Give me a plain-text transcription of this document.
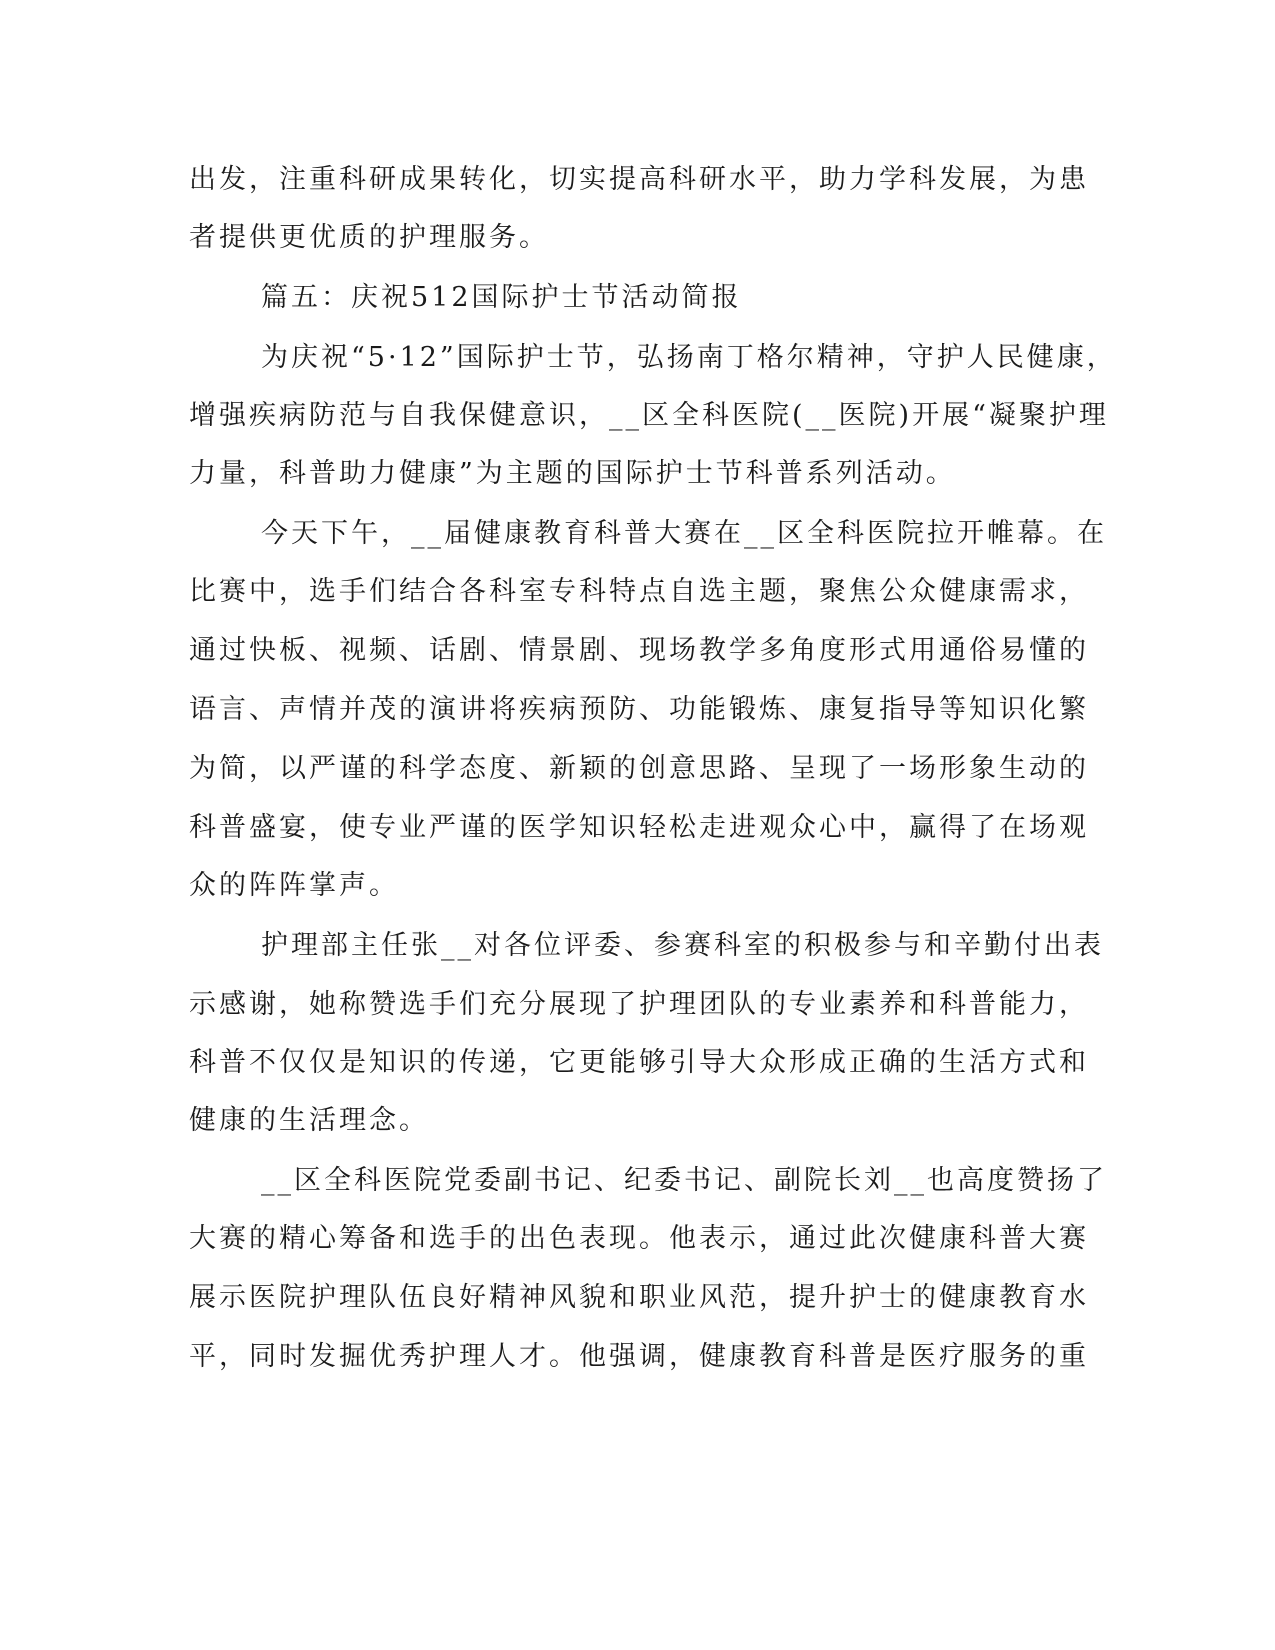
出发，注重科研成果转化，切实提高科研水平，助力学科发展，为患
者提供更优质的护理服务。
篇五：庆祝512国际护士节活动简报
为庆祝“5·12”国际护士节，弘扬南丁格尔精神，守护人民健康，
增强疾病防范与自我保健意识，__区全科医院(__医院)开展“凝聚护理
力量，科普助力健康”为主题的国际护士节科普系列活动。
今天下午，__届健康教育科普大赛在__区全科医院拉开帷幕。在
比赛中，选手们结合各科室专科特点自选主题，聚焦公众健康需求，
通过快板、视频、话剧、情景剧、现场教学多角度形式用通俗易懂的
语言、声情并茂的演讲将疾病预防、功能锻炼、康复指导等知识化繁
为简，以严谨的科学态度、新颖的创意思路、呈现了一场形象生动的
科普盛宴，使专业严谨的医学知识轻松走进观众心中，赢得了在场观
众的阵阵掌声。
护理部主任张__对各位评委、参赛科室的积极参与和辛勤付出表
示感谢，她称赞选手们充分展现了护理团队的专业素养和科普能力，
科普不仅仅是知识的传递，它更能够引导大众形成正确的生活方式和
健康的生活理念。
__区全科医院党委副书记、纪委书记、副院长刘__也高度赞扬了
大赛的精心筹备和选手的出色表现。他表示，通过此次健康科普大赛
展示医院护理队伍良好精神风貌和职业风范，提升护士的健康教育水
平，同时发掘优秀护理人才。他强调，健康教育科普是医疗服务的重
